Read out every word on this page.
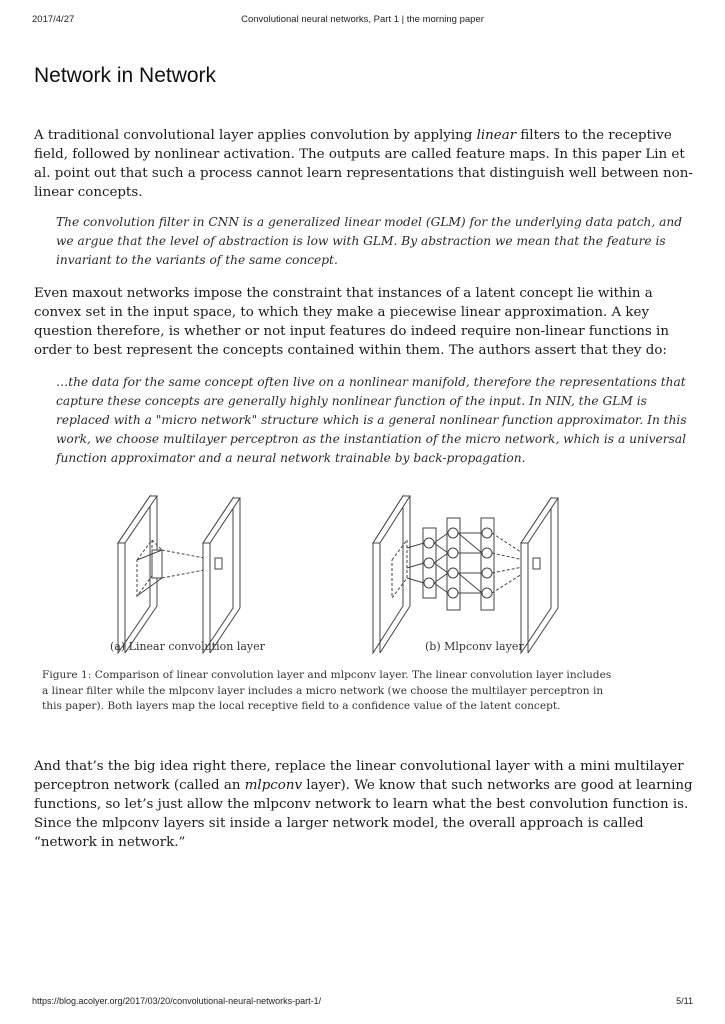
2017/4/27	Convolutional neural networks, Part 1 | the morning paper
Network in Network

A traditional convolutional layer applies convolution by applying linear filters to the receptive field, followed by nonlinear activation. The outputs are called feature maps. In this paper Lin et al. point out that such a process cannot learn representations that distinguish well between non-linear concepts.

The convolution filter in CNN is a generalized linear model (GLM) for the underlying data patch, and we argue that the level of abstraction is low with GLM. By abstraction we mean that the feature is invariant to the variants of the same concept.

Even maxout networks impose the constraint that instances of a latent concept lie within a convex set in the input space, to which they make a piecewise linear approximation. A key question therefore, is whether or not input features do indeed require non-linear functions in order to best represent the concepts contained within them. The authors assert that they do:

…the data for the same concept often live on a nonlinear manifold, therefore the representations that capture these concepts are generally highly nonlinear function of the input. In NIN, the GLM is replaced with a "micro network" structure which is a general nonlinear function approximator. In this work, we choose multilayer perceptron as the instantiation of the micro network, which is a universal function approximator and a neural network trainable by back-propagation.

(a) Linear convolution layer	(b) Mlpconv layer

Figure 1: Comparison of linear convolution layer and mlpconv layer. The linear convolution layer includes a linear filter while the mlpconv layer includes a micro network (we choose the multilayer perceptron in this paper). Both layers map the local receptive field to a confidence value of the latent concept.

And that’s the big idea right there, replace the linear convolutional layer with a mini multilayer perceptron network (called an mlpconv layer). We know that such networks are good at learning functions, so let’s just allow the mlpconv network to learn what the best convolution function is. Since the mlpconv layers sit inside a larger network model, the overall approach is called “network in network.”

https://blog.acolyer.org/2017/03/20/convolutional-neural-networks-part-1/	5/11
